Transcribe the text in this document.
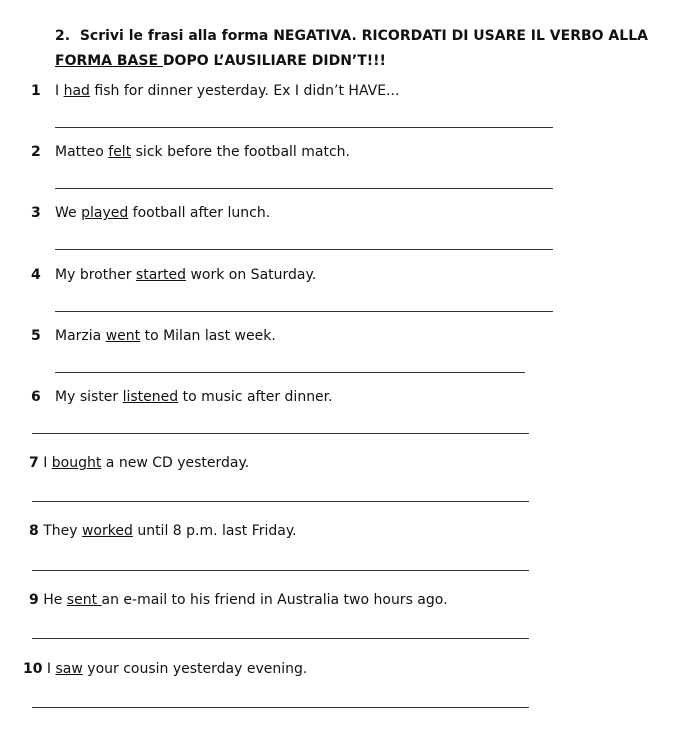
2. Scrivi le frasi alla forma NEGATIVA. RICORDATI DI USARE IL VERBO ALLA FORMA BASE DOPO L’AUSILIARE DIDN’T!!!

1 I had fish for dinner yesterday. Ex I didn’t HAVE...
2 Matteo felt sick before the football match.
3 We played football after lunch.
4 My brother started work on Saturday.
5 Marzia went to Milan last week.
6 My sister listened to music after dinner.
7 I bought a new CD yesterday.
8 They worked until 8 p.m. last Friday.
9 He sent an e-mail to his friend in Australia two hours ago.
10 I saw your cousin yesterday evening.
